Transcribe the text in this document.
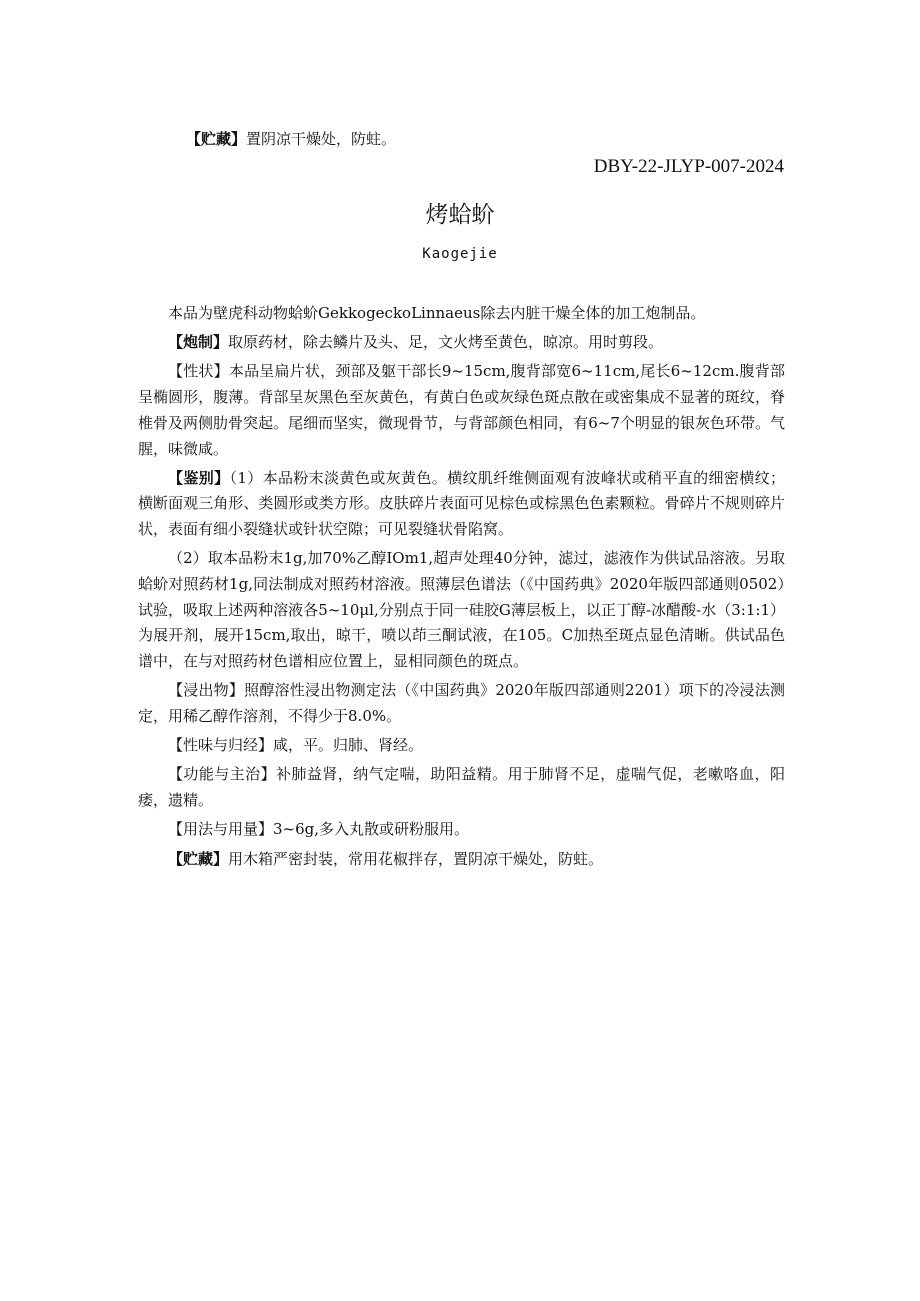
【贮藏】置阴凉干燥处，防蛀。
DBY-22-JLYP-007-2024
烤蛤蚧
Kaogejie

本品为壁虎科动物蛤蚧GekkogeckoLinnaeus除去内脏干燥全体的加工炮制品。

【炮制】取原药材，除去鳞片及头、足，文火烤至黄色，晾凉。用时剪段。

【性状】本品呈扁片状，颈部及躯干部长9~15cm,腹背部宽6~11cm,尾长6~12cm.腹背部呈椭圆形，腹薄。背部呈灰黑色至灰黄色，有黄白色或灰绿色斑点散在或密集成不显著的斑纹，脊椎骨及两侧肋骨突起。尾细而坚实，微现骨节，与背部颜色相同，有6~7个明显的银灰色环带。气腥，味微咸。

【鉴别】（1）本品粉末淡黄色或灰黄色。横纹肌纤维侧面观有波峰状或稍平直的细密横纹；横断面观三角形、类圆形或类方形。皮肤碎片表面可见棕色或棕黑色色素颗粒。骨碎片不规则碎片状，表面有细小裂缝状或针状空隙；可见裂缝状骨陷窝。

（2）取本品粉末1g,加70%乙醇IOm1,超声处理40分钟，滤过，滤液作为供试品溶液。另取蛤蚧对照药材1g,同法制成对照药材溶液。照薄层色谱法（《中国药典》2020年版四部通则0502）试验，吸取上述两种溶液各5~10μl,分别点于同一硅胶G薄层板上，以正丁醇-冰醋酸-水（3:1:1）为展开剂，展开15cm,取出，晾干，喷以茚三酮试液，在105。C加热至斑点显色清晰。供试品色谱中，在与对照药材色谱相应位置上，显相同颜色的斑点。

【浸出物】照醇溶性浸出物测定法（《中国药典》2020年版四部通则2201）项下的冷浸法测定，用稀乙醇作溶剂，不得少于8.0%。

【性味与归经】咸，平。归肺、肾经。

【功能与主治】补肺益肾，纳气定喘，助阳益精。用于肺肾不足，虚喘气促，老嗽咯血，阳痿，遗精。

【用法与用量】3~6g,多入丸散或研粉服用。

【贮藏】用木箱严密封装，常用花椒拌存，置阴凉干燥处，防蛀。
